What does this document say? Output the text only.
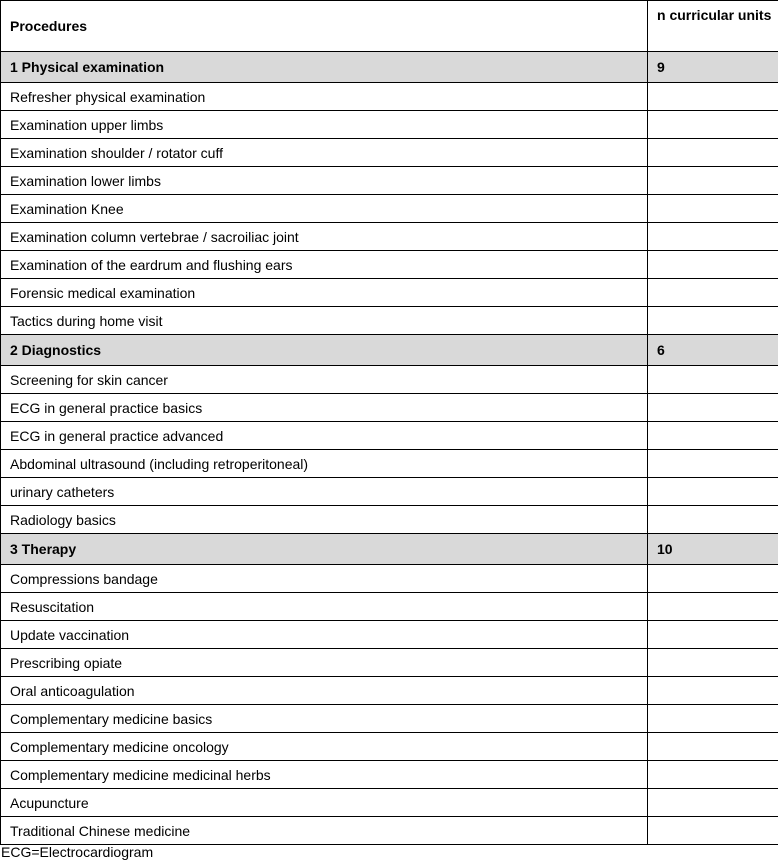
Procedures	n curricular units
1 Physical examination	9
Refresher physical examination	
Examination upper limbs	
Examination shoulder / rotator cuff	
Examination lower limbs	
Examination Knee	
Examination column vertebrae / sacroiliac joint	
Examination of the eardrum and flushing ears	
Forensic medical examination	
Tactics during home visit	
2 Diagnostics	6
Screening for skin cancer	
ECG in general practice basics	
ECG in general practice advanced	
Abdominal ultrasound (including retroperitoneal)	
urinary catheters	
Radiology basics	
3 Therapy	10
Compressions bandage	
Resuscitation	
Update vaccination	
Prescribing opiate	
Oral anticoagulation	
Complementary medicine basics	
Complementary medicine oncology	
Complementary medicine medicinal herbs	
Acupuncture	
Traditional Chinese medicine	
ECG=Electrocardiogram
